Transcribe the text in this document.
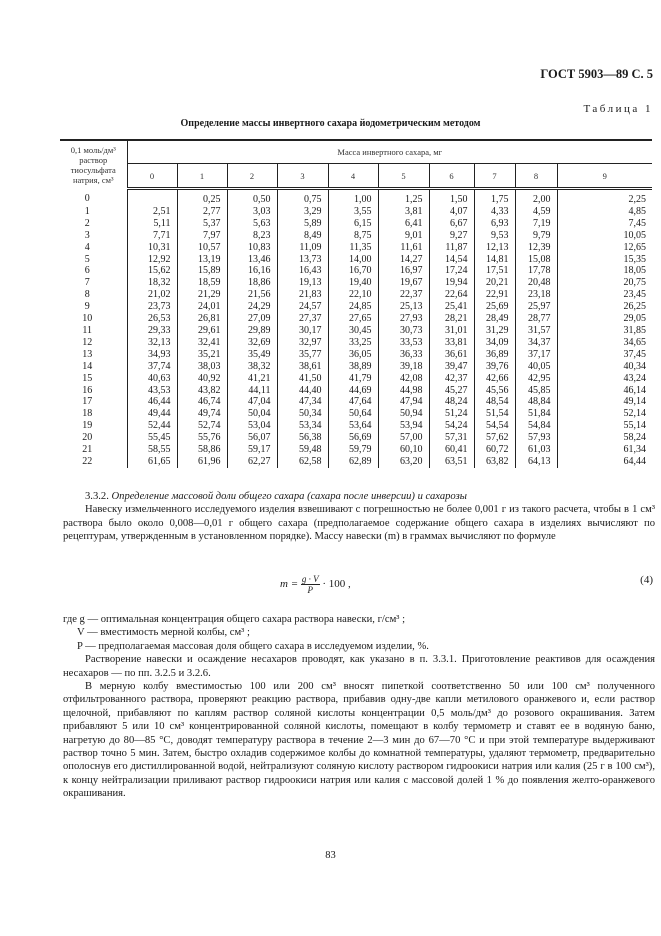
ГОСТ 5903—89 С. 5
Таблица 1
Определение массы инвертного сахара йодометрическим методом
0,1 моль/дм³
раствор
тиосульфата
натрия, см³	Масса инвертного сахара, мг									
	0	1	2	3	4	5	6	7	8	9
0		0,25	0,50	0,75	1,00	1,25	1,50	1,75	2,00	2,25
1	2,51	2,77	3,03	3,29	3,55	3,81	4,07	4,33	4,59	4,85
2	5,11	5,37	5,63	5,89	6,15	6,41	6,67	6,93	7,19	7,45
3	7,71	7,97	8,23	8,49	8,75	9,01	9,27	9,53	9,79	10,05
4	10,31	10,57	10,83	11,09	11,35	11,61	11,87	12,13	12,39	12,65
5	12,92	13,19	13,46	13,73	14,00	14,27	14,54	14,81	15,08	15,35
6	15,62	15,89	16,16	16,43	16,70	16,97	17,24	17,51	17,78	18,05
7	18,32	18,59	18,86	19,13	19,40	19,67	19,94	20,21	20,48	20,75
8	21,02	21,29	21,56	21,83	22,10	22,37	22,64	22,91	23,18	23,45
9	23,73	24,01	24,29	24,57	24,85	25,13	25,41	25,69	25,97	26,25
10	26,53	26,81	27,09	27,37	27,65	27,93	28,21	28,49	28,77	29,05
11	29,33	29,61	29,89	30,17	30,45	30,73	31,01	31,29	31,57	31,85
12	32,13	32,41	32,69	32,97	33,25	33,53	33,81	34,09	34,37	34,65
13	34,93	35,21	35,49	35,77	36,05	36,33	36,61	36,89	37,17	37,45
14	37,74	38,03	38,32	38,61	38,89	39,18	39,47	39,76	40,05	40,34
15	40,63	40,92	41,21	41,50	41,79	42,08	42,37	42,66	42,95	43,24
16	43,53	43,82	44,11	44,40	44,69	44,98	45,27	45,56	45,85	46,14
17	46,44	46,74	47,04	47,34	47,64	47,94	48,24	48,54	48,84	49,14
18	49,44	49,74	50,04	50,34	50,64	50,94	51,24	51,54	51,84	52,14
19	52,44	52,74	53,04	53,34	53,64	53,94	54,24	54,54	54,84	55,14
20	55,45	55,76	56,07	56,38	56,69	57,00	57,31	57,62	57,93	58,24
21	58,55	58,86	59,17	59,48	59,79	60,10	60,41	60,72	61,03	61,34
22	61,65	61,96	62,27	62,58	62,89	63,20	63,51	63,82	64,13	64,44
3.3.2. Определение массовой доли общего сахара (сахара после инверсии) и сахарозы
Навеску измельченного исследуемого изделия взвешивают с погрешностью не более 0,001 г из такого расчета, чтобы в 1 см³ раствора было около 0,008—0,01 г общего сахара (предполагаемое содержание общего сахара в изделиях вычисляют по рецептурам, утвержденным в установленном порядке). Массу навески (m) в граммах вычисляют по формуле
$m = \frac{g \cdot V}{P} \cdot 100$ ,	(4)
где g — оптимальная концентрация общего сахара раствора навески, г/см³ ;
V — вместимость мерной колбы, см³ ;
P — предполагаемая массовая доля общего сахара в исследуемом изделии, %.
Растворение навески и осаждение несахаров проводят, как указано в п. 3.3.1. Приготовление реактивов для осаждения несахаров — по пп. 3.2.5 и 3.2.6.
В мерную колбу вместимостью 100 или 200 см³ вносят пипеткой соответственно 50 или 100 см³ полученного отфильтрованного раствора, проверяют реакцию раствора, прибавив одну-две капли метилового оранжевого и, если раствор щелочной, прибавляют по каплям раствор соляной кислоты концентрации 0,5 моль/дм³ до розового окрашивания. Затем прибавляют 5 или 10 см³ концентрированной соляной кислоты, помещают в колбу термометр и ставят ее в водяную баню, нагретую до 80—85 °С, доводят температуру раствора в течение 2—3 мин до 67—70 °С и при этой температуре выдерживают раствор точно 5 мин. Затем, быстро охладив содержимое колбы до комнатной температуры, удаляют термометр, предварительно ополоснув его дистиллированной водой, нейтрализуют соляную кислоту раствором гидроокиси натрия или калия (25 г в 100 см³), к концу нейтрализации приливают раствор гидроокиси натрия или калия с массовой долей 1 % до появления желто-оранжевого окрашивания.
83
